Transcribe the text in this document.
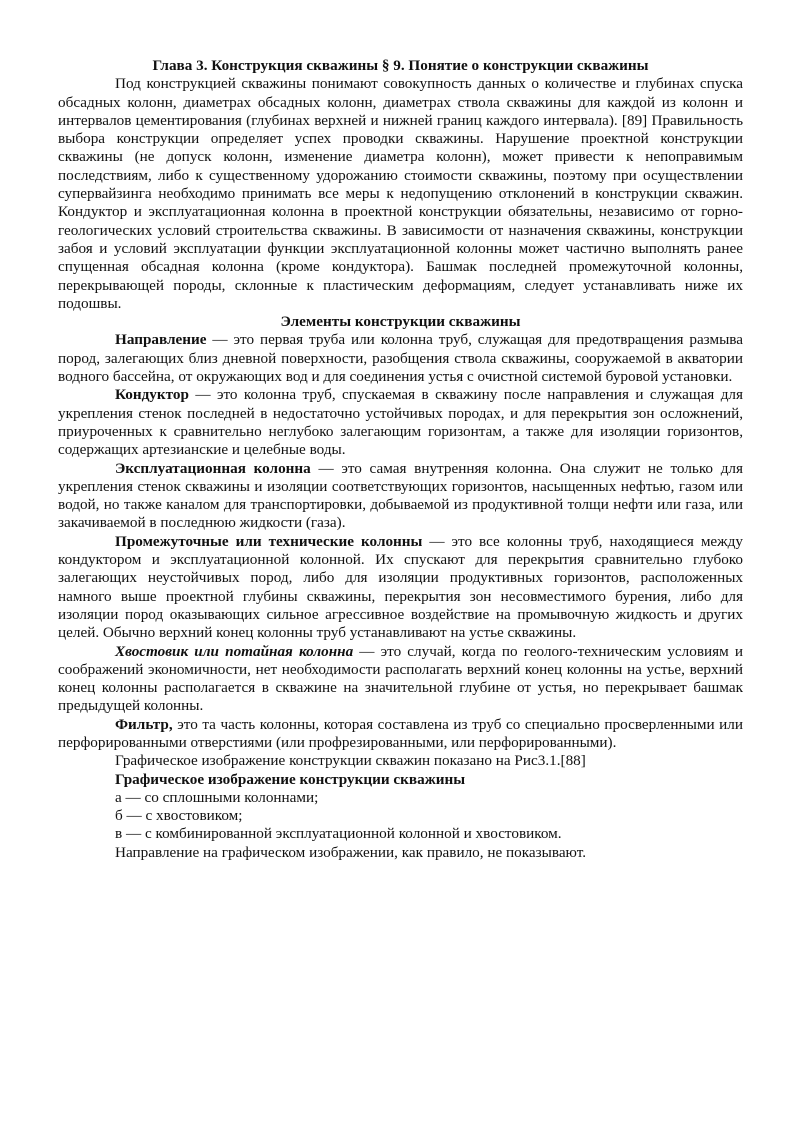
Глава 3. Конструкция скважины § 9. Понятие о конструкции скважины

Под конструкцией скважины понимают совокупность данных о количестве и глубинах спуска обсадных колонн, диаметрах обсадных колонн, диаметрах ствола скважины для каждой из колонн и интервалов цементирования (глубинах верхней и нижней границ каждого интервала). [89] Правильность выбора конструкции определяет успех проводки скважины. Нарушение проектной конструкции скважины (не допуск колонн, изменение диаметра колонн), может привести к непоправимым последствиям, либо к существенному удорожанию стоимости скважины, поэтому при осуществлении супервайзинга необходимо принимать все меры к недопущению отклонений в конструкции скважин. Кондуктор и эксплуатационная колонна в проектной конструкции обязательны, независимо от горно-геологических условий строительства скважины. В зависимости от назначения скважины, конструкции забоя и условий эксплуатации функции эксплуатационной колонны может частично выполнять ранее спущенная обсадная колонна (кроме кондуктора). Башмак последней промежуточной колонны, перекрывающей породы, склонные к пластическим деформациям, следует устанавливать ниже их подошвы.

Элементы конструкции скважины

Направление — это первая труба или колонна труб, служащая для предотвращения размыва пород, залегающих близ дневной поверхности, разобщения ствола скважины, сооружаемой в акватории водного бассейна, от окружающих вод и для соединения устья с очистной системой буровой установки.

Кондуктор — это колонна труб, спускаемая в скважину после направления и служащая для укрепления стенок последней в недостаточно устойчивых породах, и для перекрытия зон осложнений, приуроченных к сравнительно неглубоко залегающим горизонтам, а также для изоляции горизонтов, содержащих артезианские и целебные воды.

Эксплуатационная колонна — это самая внутренняя колонна. Она служит не только для укрепления стенок скважины и изоляции соответствующих горизонтов, насыщенных нефтью, газом или водой, но также каналом для транспортировки, добываемой из продуктивной толщи нефти или газа, или закачиваемой в последнюю жидкости (газа).

Промежуточные или технические колонны — это все колонны труб, находящиеся между кондуктором и эксплуатационной колонной. Их спускают для перекрытия сравнительно глубоко залегающих неустойчивых пород, либо для изоляции продуктивных горизонтов, расположенных намного выше проектной глубины скважины, перекрытия зон несовместимого бурения, либо для изоляции пород оказывающих сильное агрессивное воздействие на промывочную жидкость и других целей. Обычно верхний конец колонны труб устанавливают на устье скважины.

Хвостовик или потайная колонна — это случай, когда по геолого-техническим условиям и соображений экономичности, нет необходимости располагать верхний конец колонны на устье, верхний конец колонны располагается в скважине на значительной глубине от устья, но перекрывает башмак предыдущей колонны.

Фильтр, это та часть колонны, которая составлена из труб со специально просверленными или перфорированными отверстиями (или профрезированными, или перфорированными).

Графическое изображение конструкции скважин показано на Рис3.1.[88]

Графическое изображение конструкции скважины

а — со сплошными колоннами;

б — с хвостовиком;

в — с комбинированной эксплуатационной колонной и хвостовиком.

Направление на графическом изображении, как правило, не показывают.
